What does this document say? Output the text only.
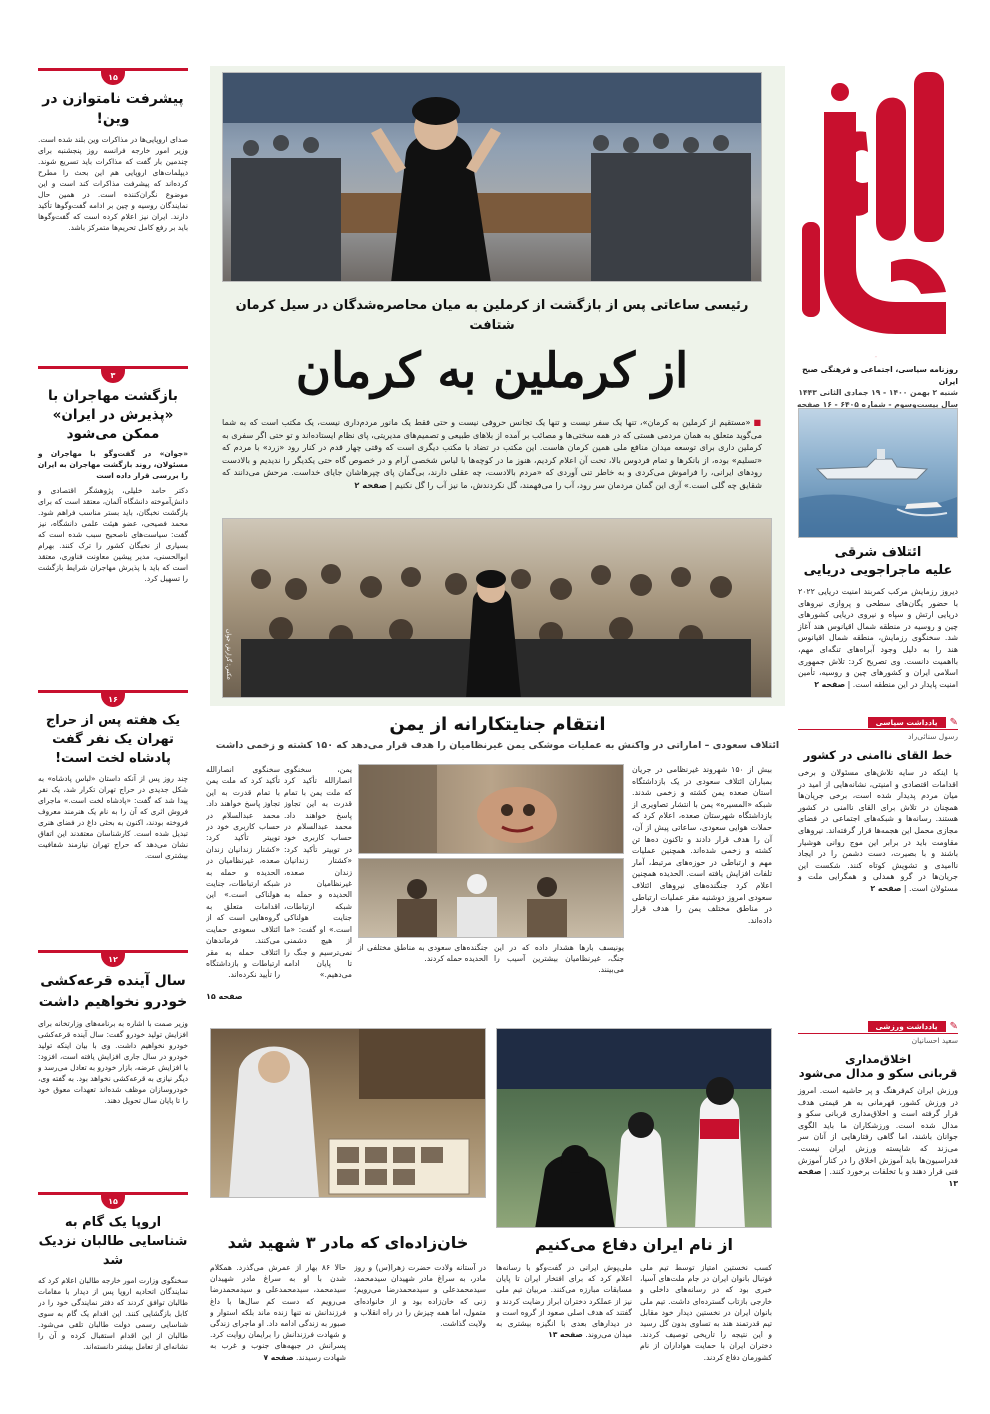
جوان
روزنامه سیاسی، اجتماعی و فرهنگی صبح ایران
شنبه ۲ بهمن ۱۴۰۰ - ۱۹ جمادی الثانی ۱۴۴۳
سال بیست‌وسوم - شماره ۶۴۰۵ - ۱۶ صفحه
ائتلاف شرقی
علیه ماجراجویی دریایی
دیروز رزمایش مرکب کمربند امنیت دریایی ۲۰۲۲ با حضور یگان‌های سطحی و پروازی نیروهای دریایی ارتش و سپاه و نیروی دریایی کشورهای چین و روسیه در منطقه شمال اقیانوس هند آغاز شد. سخنگوی رزمایش، منطقه شمال اقیانوس هند را به دلیل وجود آبراه‌های تنگه‌ای مهم، بااهمیت دانست. وی تصریح کرد: تلاش جمهوری اسلامی ایران و کشورهای چین و روسیه، تأمین امنیت پایدار در این منطقه است. | صفحه ۲
✎
یادداشت سیاسی
رسول سنائی‌راد
خط القای ناامنی در کشور
با اینکه در سایه تلاش‌های مسئولان و برخی اقدامات اقتصادی و امنیتی، نشانه‌هایی از امید در میان مردم پدیدار شده است، برخی جریان‌ها همچنان در تلاش برای القای ناامنی در کشور هستند. رسانه‌ها و شبکه‌های اجتماعی در فضای مجازی محمل این هجمه‌ها قرار گرفته‌اند. نیروهای مقاومت باید در برابر این موج روانی هوشیار باشند و با بصیرت، دست دشمن را در ایجاد ناامیدی و تشویش کوتاه کنند. شکست این جریان‌ها در گرو همدلی و همگرایی ملت و مسئولان است. | صفحه ۲
✎
یادداشت ورزشی
سعید احسانیان
اخلاق‌مداری
قربانی سکو و مدال می‌شود
ورزش ایران کم‌فرهنگ و پر حاشیه است. امروز در ورزش کشور، قهرمانی به هر قیمتی هدف قرار گرفته است و اخلاق‌مداری قربانی سکو و مدال شده است. ورزشکاران ما باید الگوی جوانان باشند، اما گاهی رفتارهایی از آنان سر می‌زند که شایسته ورزش ایران نیست. فدراسیون‌ها باید آموزش اخلاق را در کنار آموزش فنی قرار دهند و با تخلفات برخورد کنند. | صفحه ۱۳
رئیسی ساعاتی پس از بازگشت از کرملین به میان محاصره‌شدگان در سیل کرمان شتافت
از کرملین به کرمان
■«مستقیم از کرملین به کرمان»، تنها یک سفر نیست و تنها یک تجانس حروفی نیست و حتی فقط یک مانور مردم‌داری نیست، یک مکتب است که به شما می‌گوید متعلق به همان مردمی هستی که در همه سختی‌ها و مصائب بر آمده از بلاهای طبیعی و تصمیم‌های مدیریتی، پای نظام ایستاده‌اند و تو حتی اگر سفری به کرملین داری برای توسعه میدان منافع ملی همین کرمان هاست. این مکتب در تضاد با مکتب دیگری است که وقتی چهار قدم در کنار رود «زرد» با مردم که «تسلیم» بوده، از بانکرها و تمام فردوس بالا، تحت آن اعلام کردیم، هنوز ما در کوچه‌ها با لباس شخصی آرام و در خصوص گاه حتی یکدیگر را ندیدیم و بالادست رودهای ایرانی، را فراموش می‌کردی و به خاطر تنی آوردی که «مردم بالادست، چه عقلی دارند، بی‌گمان پای چپرهاشان جایای خداست. مرحش می‌دانند که شقایق چه گلی است.» آری این گمان مردمان سر رود، آب را می‌فهمند، گل نکردندش، ما نیز آب را گل نکنیم | صفحه ۲
عکس: گزارش جوان
انتقام جنایتکارانه از یمن
ائتلاف سعودی – اماراتی در واکنش به عملیات موشکی یمن غیرنظامیان را هدف قرار می‌دهد که ۱۵۰ کشته و زخمی داشت
بیش از ۱۵۰ شهروند غیرنظامی در جریان بمباران ائتلاف سعودی در یک بازداشتگاه استان صعده یمن کشته و زخمی شدند. شبکه «المسیره» یمن با انتشار تصاویری از بازداشتگاه شهرستان صعده، اعلام کرد که حملات هوایی سعودی، ساعاتی پیش از آن، آن را هدف قرار دادند و تاکنون ده‌ها تن کشته و زخمی شده‌اند. همچنین عملیات مهم و ارتباطی در حوزه‌های مرتبط، آمار تلفات افزایش یافته است. الحدیده همچنین اعلام کرد جنگنده‌های نیروهای ائتلاف سعودی امروز دوشنبه مقر عملیات ارتباطی در مناطق مختلف یمن را هدف قرار داده‌اند.
یونیسف بارها هشدار داده که در این جنگ، غیرنظامیان بیشترین آسیب را می‌بینند.
جنگنده‌های سعودی به مناطق مختلفی از الحدیده حمله کردند.
یمن، سخنگوی انصارالله تأکید کرد که ملت یمن با تمام قدرت به این تجاوز پاسخ خواهند داد. محمد عبدالسلام در حساب کاربری خود در توییتر تأکید کرد: «کشتار زندانیان زندان صعده، غیرنظامیان در الحدیده و حمله به شبکه ارتباطات، جنایت هولناکی است.» او گفت: «ما از هیچ دشمنی نمی‌ترسیم و جنگ را تا پایان ادامه می‌دهیم.»
سخنگوی انصارالله تأکید کرد که ملت یمن با تمام قدرت به این تجاوز پاسخ خواهند داد. محمد عبدالسلام در حساب کاربری خود در توییتر تأکید کرد: «کشتار زندانیان زندان صعده، غیرنظامیان در الحدیده و حمله به شبکه ارتباطات، جنایت هولناکی است.» این اقدامات متعلق به گروه‌هایی است که از ائتلاف سعودی حمایت می‌کنند. فرماندهان ائتلاف حمله به مقر ارتباطات و بازداشتگاه را تأیید نکرده‌اند.
صفحه ۱۵
از نام ایران دفاع می‌کنیم
کسب نخستین امتیاز توسط تیم ملی فوتبال بانوان ایران در جام ملت‌های آسیا، خبری بود که در رسانه‌های داخلی و خارجی بازتاب گسترده‌ای داشت. تیم ملی بانوان ایران در نخستین دیدار خود مقابل تیم قدرتمند هند به تساوی بدون گل رسید و این نتیجه را تاریخی توصیف کردند. دختران ایران با حمایت هواداران از نام کشورمان دفاع کردند.
ملی‌پوش ایرانی در گفت‌وگو با رسانه‌ها اعلام کرد که برای افتخار ایران تا پایان مسابقات مبارزه می‌کنند. مربیان تیم ملی نیز از عملکرد دختران ابراز رضایت کردند و گفتند که هدف اصلی صعود از گروه است و در دیدارهای بعدی با انگیزه بیشتری به میدان می‌روند. صفحه ۱۳
خان‌زاده‌ای که مادر ۳ شهید شد
در آستانه ولادت حضرت زهرا(س) و روز مادر، به سراغ مادر شهیدان سیدمحمد، سیدمحمدعلی و سیدمحمدرضا می‌رویم؛ زنی که خان‌زاده بود و از خانواده‌ای متمول، اما همه چیزش را در راه انقلاب و ولایت گذاشت.
حالا ۸۶ بهار از عمرش می‌گذرد. همکلام شدن با او به سراغ مادر شهیدان سیدمحمد، سیدمحمدعلی و سیدمحمدرضا می‌رویم که دست کم سال‌ها با داغ فرزندانش نه تنها زنده ماند بلکه استوار و صبور به زندگی ادامه داد. او ماجرای زندگی و شهادت فرزندانش را برایمان روایت کرد. پسرانش در جبهه‌های جنوب و غرب به شهادت رسیدند. صفحه ۷
۱۵
پیشرفت نامتوازن در وین!
صدای اروپایی‌ها در مذاکرات وین بلند شده است. وزیر امور خارجه فرانسه روز پنجشنبه برای چندمین بار گفت که مذاکرات باید تسریع شوند. دیپلمات‌های اروپایی هم این بحث را مطرح کرده‌اند که پیشرفت مذاکرات کند است و این موضوع نگران‌کننده است. در همین حال نمایندگان روسیه و چین بر ادامه گفت‌وگوها تأکید دارند. ایران نیز اعلام کرده است که گفت‌وگوها باید بر رفع کامل تحریم‌ها متمرکز باشد.
۳
بازگشت مهاجران با «پذیرش در ایران» ممکن می‌شود
«جوان» در گفت‌وگو با مهاجران و مسئولان، روند بازگشت مهاجران به ایران را بررسی قرار داده است
دکتر حامد خلیلی، پژوهشگر اقتصادی و دانش‌آموخته دانشگاه آلمان، معتقد است که برای بازگشت نخبگان، باید بستر مناسب فراهم شود. محمد فصیحی، عضو هیئت علمی دانشگاه، نیز گفت: سیاست‌های ناصحیح سبب شده است که بسیاری از نخبگان کشور را ترک کنند. بهرام ابوالحسنی، مدیر پیشین معاونت فناوری، معتقد است که باید با پذیرش مهاجران شرایط بازگشت را تسهیل کرد.
۱۶
یک هفته پس از حراج تهران یک نفر گفت پادشاه لخت است!
چند روز پس از آنکه داستان «لباس پادشاه» به شکل جدیدی در حراج تهران تکرار شد، یک نفر پیدا شد که گفت: «پادشاه لخت است.» ماجرای فروش اثری که آن را به نام یک هنرمند معروف فروخته بودند، اکنون به بحثی داغ در فضای هنری تبدیل شده است. کارشناسان معتقدند این اتفاق نشان می‌دهد که حراج تهران نیازمند شفافیت بیشتری است.
۱۲
سال آینده قرعه‌کشی خودرو نخواهیم داشت
وزیر صمت با اشاره به برنامه‌های وزارتخانه برای افزایش تولید خودرو گفت: سال آینده قرعه‌کشی خودرو نخواهیم داشت. وی با بیان اینکه تولید خودرو در سال جاری افزایش یافته است، افزود: با افزایش عرضه، بازار خودرو به تعادل می‌رسد و دیگر نیازی به قرعه‌کشی نخواهد بود. به گفته وی، خودروسازان موظف شده‌اند تعهدات معوق خود را تا پایان سال تحویل دهند.
۱۵
اروپا یک گام به شناسایی طالبان نزدیک شد
سخنگوی وزارت امور خارجه طالبان اعلام کرد که نمایندگان اتحادیه اروپا پس از دیدار با مقامات طالبان توافق کردند که دفتر نمایندگی خود را در کابل بازگشایی کنند. این اقدام یک گام به سوی شناسایی رسمی دولت طالبان تلقی می‌شود. طالبان از این اقدام استقبال کرده و آن را نشانه‌ای از تعامل بیشتر دانسته‌اند.
